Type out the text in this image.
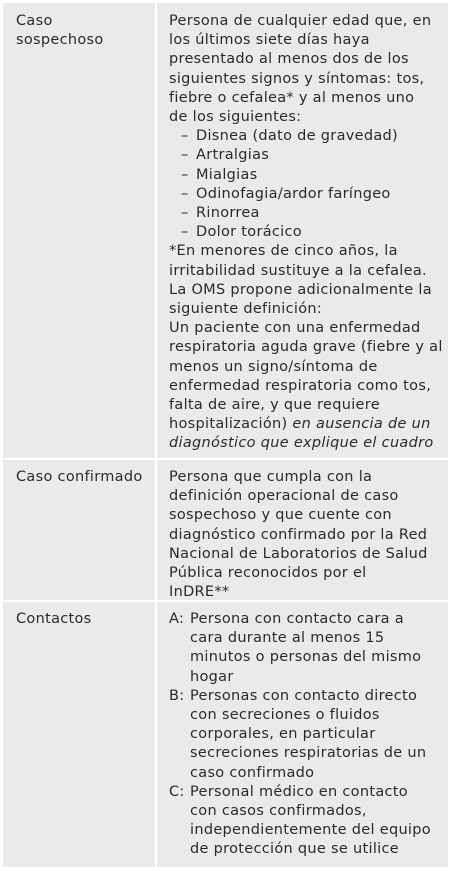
Caso
sospechoso
Persona de cualquier edad que, en
los últimos siete días haya
presentado al menos dos de los
siguientes signos y síntomas: tos,
fiebre o cefalea* y al menos uno
de los siguientes:
– Disnea (dato de gravedad)
– Artralgias
– Mialgias
– Odinofagia/ardor faríngeo
– Rinorrea
– Dolor torácico
*En menores de cinco años, la
irritabilidad sustituye a la cefalea.
La OMS propone adicionalmente la
siguiente definición:
Un paciente con una enfermedad
respiratoria aguda grave (fiebre y al
menos un signo/síntoma de
enfermedad respiratoria como tos,
falta de aire, y que requiere
hospitalización) en ausencia de un
diagnóstico que explique el cuadro
Caso confirmado	Persona que cumpla con la
definición operacional de caso
sospechoso y que cuente con
diagnóstico confirmado por la Red
Nacional de Laboratorios de Salud
Pública reconocidos por el
InDRE**
Contactos	A: Persona con contacto cara a
cara durante al menos 15
minutos o personas del mismo
hogar
B: Personas con contacto directo
con secreciones o fluidos
corporales, en particular
secreciones respiratorias de un
caso confirmado
C: Personal médico en contacto
con casos confirmados,
independientemente del equipo
de protección que se utilice
